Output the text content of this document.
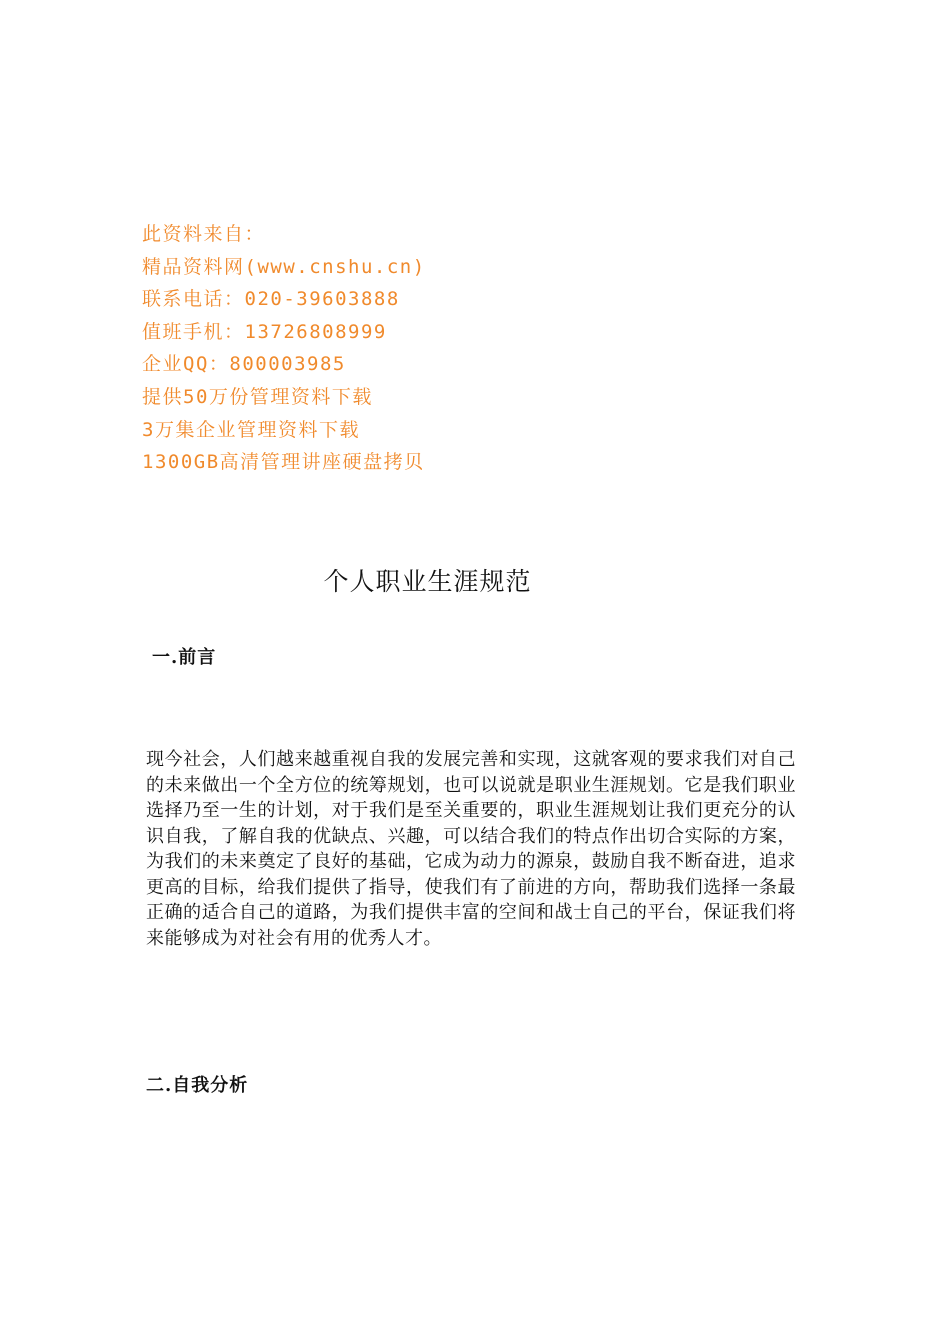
此资料来自：
精品资料网(www.cnshu.cn)
联系电话：020-39603888
值班手机：13726808999
企业QQ：800003985
提供50万份管理资料下载
3万集企业管理资料下载
1300GB高清管理讲座硬盘拷贝
个人职业生涯规范
一.前言

现今社会，人们越来越重视自我的发展完善和实现，这就客观的要求我们对自己的未来做出一个全方位的统筹规划，也可以说就是职业生涯规划。它是我们职业选择乃至一生的计划，对于我们是至关重要的，职业生涯规划让我们更充分的认识自我，了解自我的优缺点、兴趣，可以结合我们的特点作出切合实际的方案，为我们的未来奠定了良好的基础，它成为动力的源泉，鼓励自我不断奋进，追求更高的目标，给我们提供了指导，使我们有了前进的方向，帮助我们选择一条最正确的适合自己的道路，为我们提供丰富的空间和战士自己的平台，保证我们将来能够成为对社会有用的优秀人才。

二.自我分析
